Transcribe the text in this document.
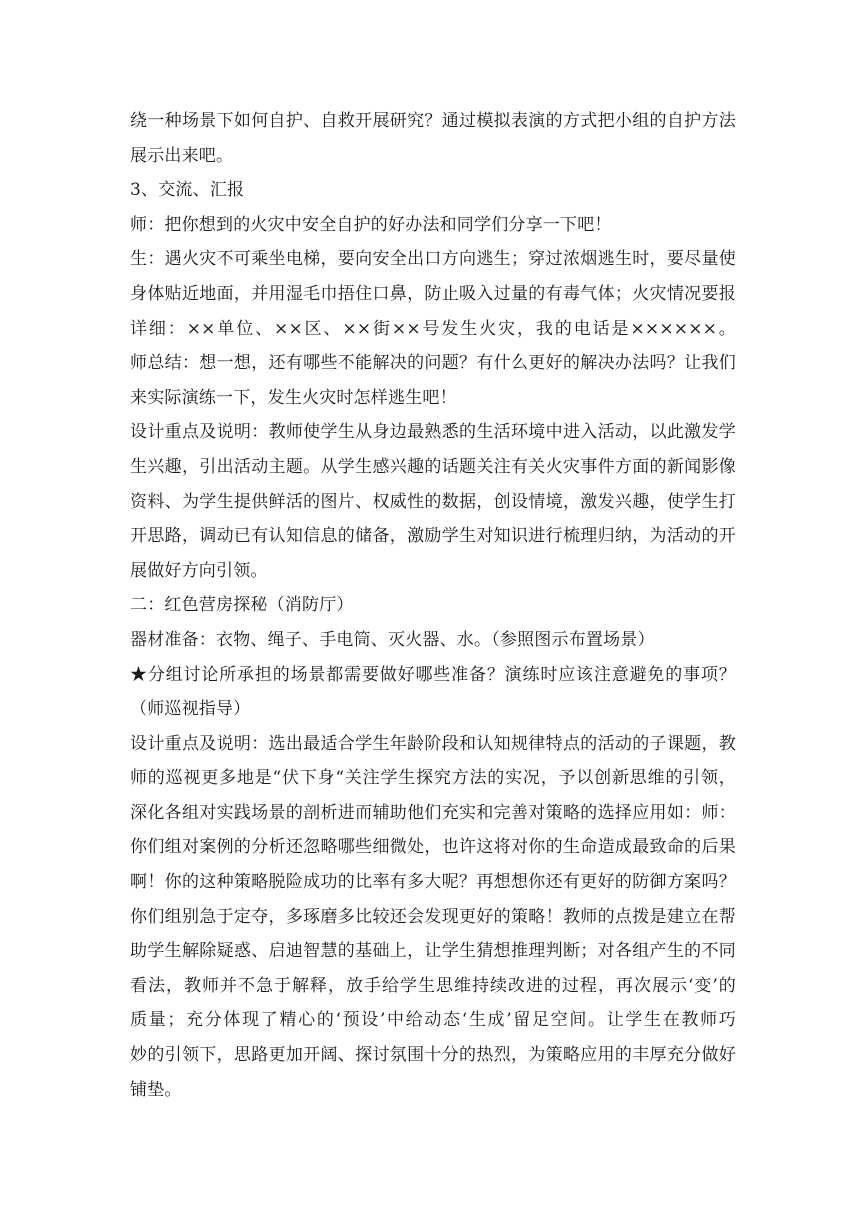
绕一种场景下如何自护、自救开展研究？通过模拟表演的方式把小组的自护方法
展示出来吧。
3、交流、汇报
师：把你想到的火灾中安全自护的好办法和同学们分享一下吧！
生：遇火灾不可乘坐电梯，要向安全出口方向逃生；穿过浓烟逃生时，要尽量使
身体贴近地面，并用湿毛巾捂住口鼻，防止吸入过量的有毒气体；火灾情况要报
详细：××单位、××区、××街××号发生火灾，我的电话是××××××。
师总结：想一想，还有哪些不能解决的问题？有什么更好的解决办法吗？让我们
来实际演练一下，发生火灾时怎样逃生吧！
设计重点及说明：教师使学生从身边最熟悉的生活环境中进入活动，以此激发学
生兴趣，引出活动主题。从学生感兴趣的话题关注有关火灾事件方面的新闻影像
资料、为学生提供鲜活的图片、权威性的数据，创设情境，激发兴趣，使学生打
开思路，调动已有认知信息的储备，激励学生对知识进行梳理归纳，为活动的开
展做好方向引领。
二：红色营房探秘（消防厅）
器材准备：衣物、绳子、手电筒、灭火器、水。（参照图示布置场景）
★分组讨论所承担的场景都需要做好哪些准备？演练时应该注意避免的事项？
（师巡视指导）
设计重点及说明：选出最适合学生年龄阶段和认知规律特点的活动的子课题，教
师的巡视更多地是“伏下身“关注学生探究方法的实况，予以创新思维的引领，
深化各组对实践场景的剖析进而辅助他们充实和完善对策略的选择应用如：师：
你们组对案例的分析还忽略哪些细微处，也许这将对你的生命造成最致命的后果
啊！你的这种策略脱险成功的比率有多大呢？再想想你还有更好的防御方案吗？
你们组别急于定夺，多琢磨多比较还会发现更好的策略！教师的点拨是建立在帮
助学生解除疑惑、启迪智慧的基础上，让学生猜想推理判断；对各组产生的不同
看法，教师并不急于解释，放手给学生思维持续改进的过程，再次展示‘变’的
质量；充分体现了精心的‘预设’中给动态‘生成’留足空间。让学生在教师巧
妙的引领下，思路更加开阔、探讨氛围十分的热烈，为策略应用的丰厚充分做好
铺垫。
